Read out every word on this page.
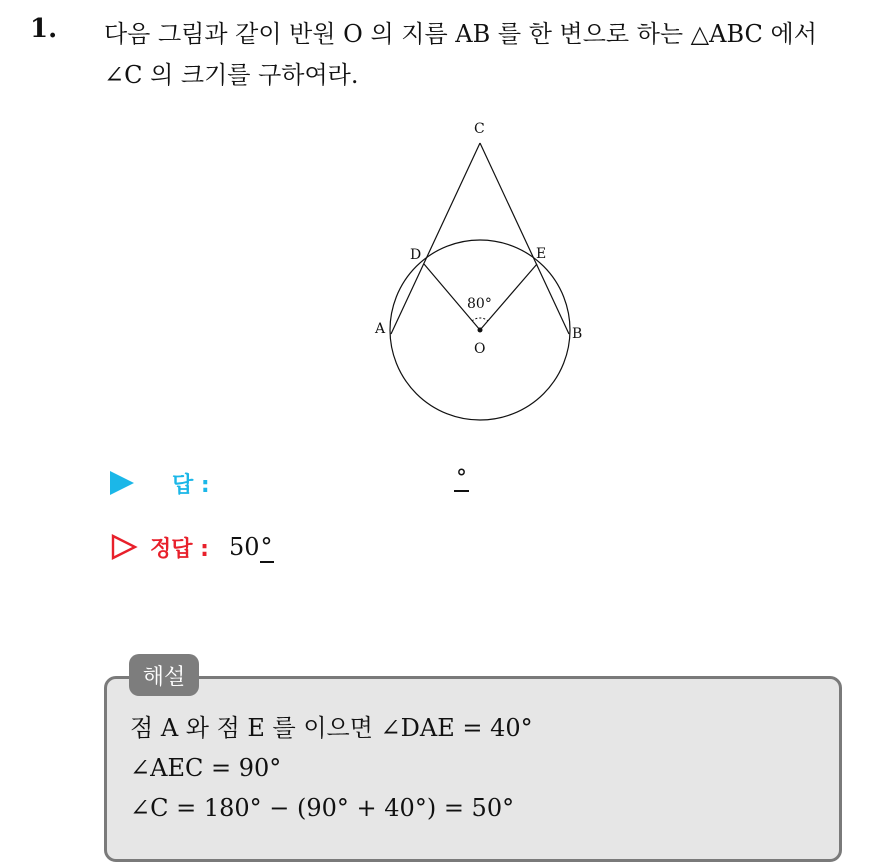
1. 다음 그림과 같이 반원 O 의 지름 AB 를 한 변으로 하는 △ABC 에서
∠C 의 크기를 구하여라.
C
D	E
A	B
O
80°
답 :	°
정답 : 50°
해설
점 A 와 점 E 를 이으면 ∠DAE = 40°
∠AEC = 90°
∠C = 180° − (90° + 40°) = 50°
